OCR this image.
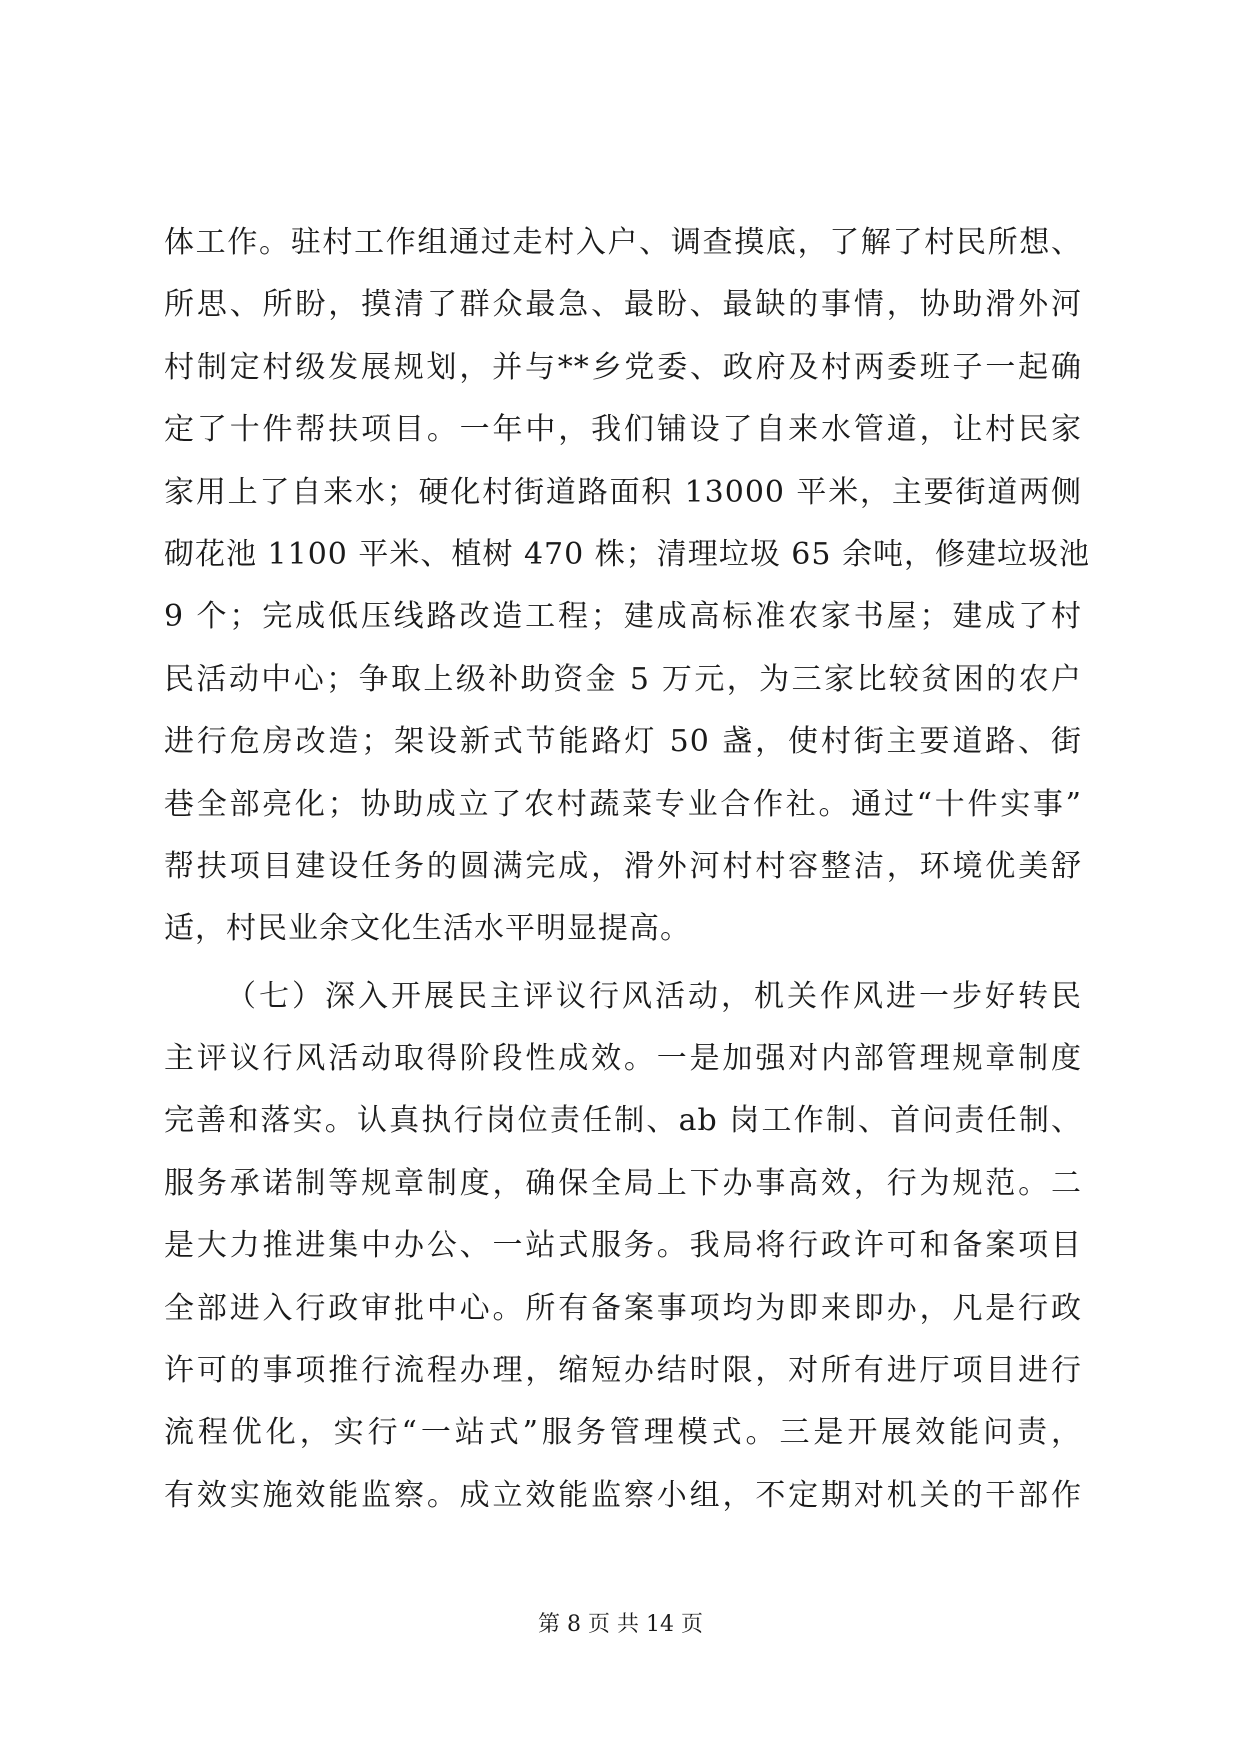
体工作。驻村工作组通过走村入户、调查摸底，了解了村民所想、
所思、所盼，摸清了群众最急、最盼、最缺的事情，协助滑外河
村制定村级发展规划，并与**乡党委、政府及村两委班子一起确
定了十件帮扶项目。一年中，我们铺设了自来水管道，让村民家
家用上了自来水；硬化村街道路面积 13000 平米，主要街道两侧
砌花池 1100 平米、植树 470 株；清理垃圾 65 余吨，修建垃圾池
9 个；完成低压线路改造工程；建成高标准农家书屋；建成了村
民活动中心；争取上级补助资金 5 万元，为三家比较贫困的农户
进行危房改造；架设新式节能路灯 50 盏，使村街主要道路、街
巷全部亮化；协助成立了农村蔬菜专业合作社。通过“十件实事”
帮扶项目建设任务的圆满完成，滑外河村村容整洁，环境优美舒
适，村民业余文化生活水平明显提高。
（七）深入开展民主评议行风活动，机关作风进一步好转民
主评议行风活动取得阶段性成效。一是加强对内部管理规章制度
完善和落实。认真执行岗位责任制、ab 岗工作制、首问责任制、
服务承诺制等规章制度，确保全局上下办事高效，行为规范。二
是大力推进集中办公、一站式服务。我局将行政许可和备案项目
全部进入行政审批中心。所有备案事项均为即来即办，凡是行政
许可的事项推行流程办理，缩短办结时限，对所有进厅项目进行
流程优化，实行“一站式”服务管理模式。三是开展效能问责，
有效实施效能监察。成立效能监察小组，不定期对机关的干部作
第 8 页 共 14 页
